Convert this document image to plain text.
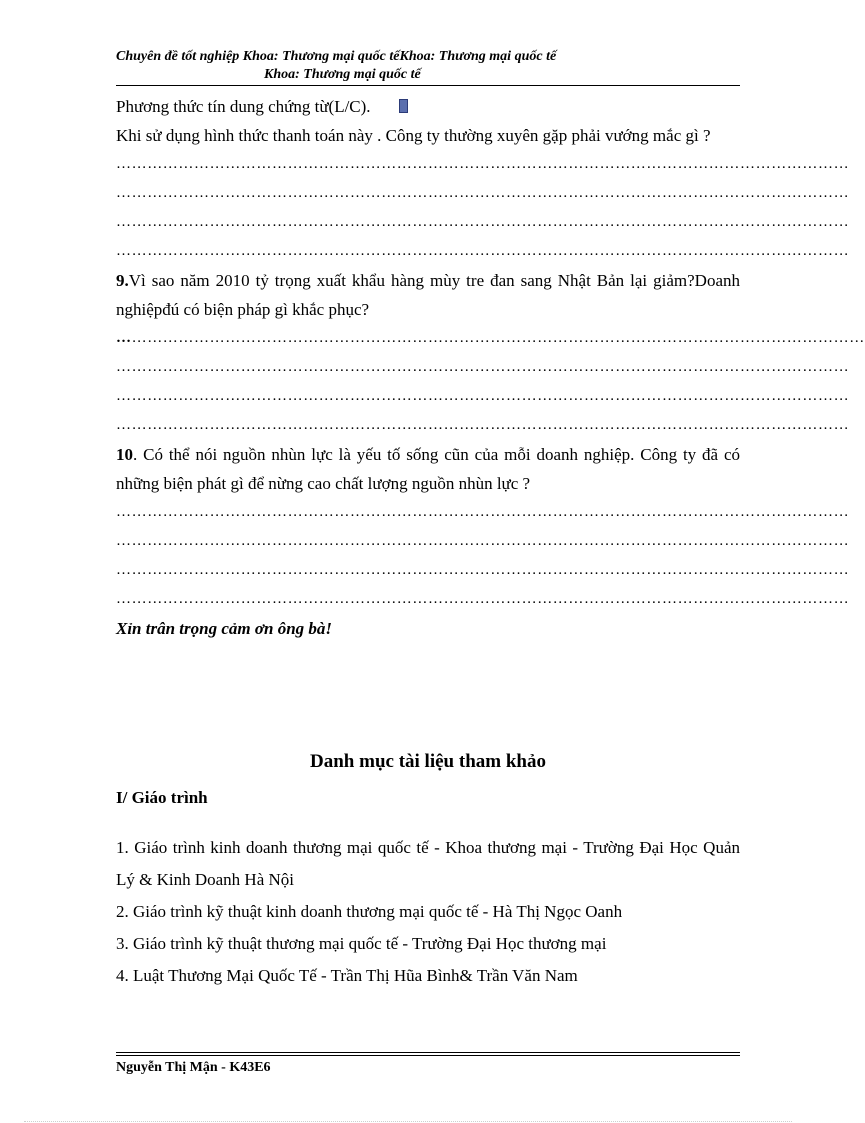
Chuyên đề tốt nghiệp Khoa: Thương mại quốc tếKhoa: Thương mại quốc tế
Khoa: Thương mại quốc tế

Phương thức tín dung chứng từ(L/C).

Khi sử dụng hình thức thanh toán này . Công ty thường xuyên gặp phải vướng mắc gì ?

……………………………………………………………………………………………………………………………
……………………………………………………………………………………………………………………………
……………………………………………………………………………………………………………………………
……………………………………………………………………………………………………………………………

9.Vì sao năm 2010 tỷ trọng xuất khẩu hàng mùy tre đan sang Nhật Bản lại giảm?Doanh nghiệpđú có biện pháp gì khắc phục?

………………………………………………………………………………………………………………………………
……………………………………………………………………………………………………………………………
……………………………………………………………………………………………………………………………
……………………………………………………………………………………………………………………………

10. Có thể nói nguồn nhùn lực là yếu tố sống cũn của mỗi doanh nghiệp. Công ty đã có những biện phát gì để nừng cao chất lượng nguồn nhùn lực ?

……………………………………………………………………………………………………………………………
……………………………………………………………………………………………………………………………
……………………………………………………………………………………………………………………………
……………………………………………………………………………………………………………………………

Xỉn trân trọng cảm ơn ông bà!

Danh mục tài liệu tham khảo

I/ Giáo trình

1. Giáo trình kinh doanh thương mại quốc tế - Khoa thương mại - Trường Đại Học Quản Lý & Kinh Doanh Hà Nội
2. Giáo trình kỹ thuật kinh doanh thương mại quốc tế - Hà Thị Ngọc Oanh
3. Giáo trình kỹ thuật thương mại quốc tế - Trường Đại Học thương mại
4. Luật Thương Mại Quốc Tế - Trần Thị Hũa Bình& Trần Văn Nam
Nguyễn Thị Mận - K43E6
